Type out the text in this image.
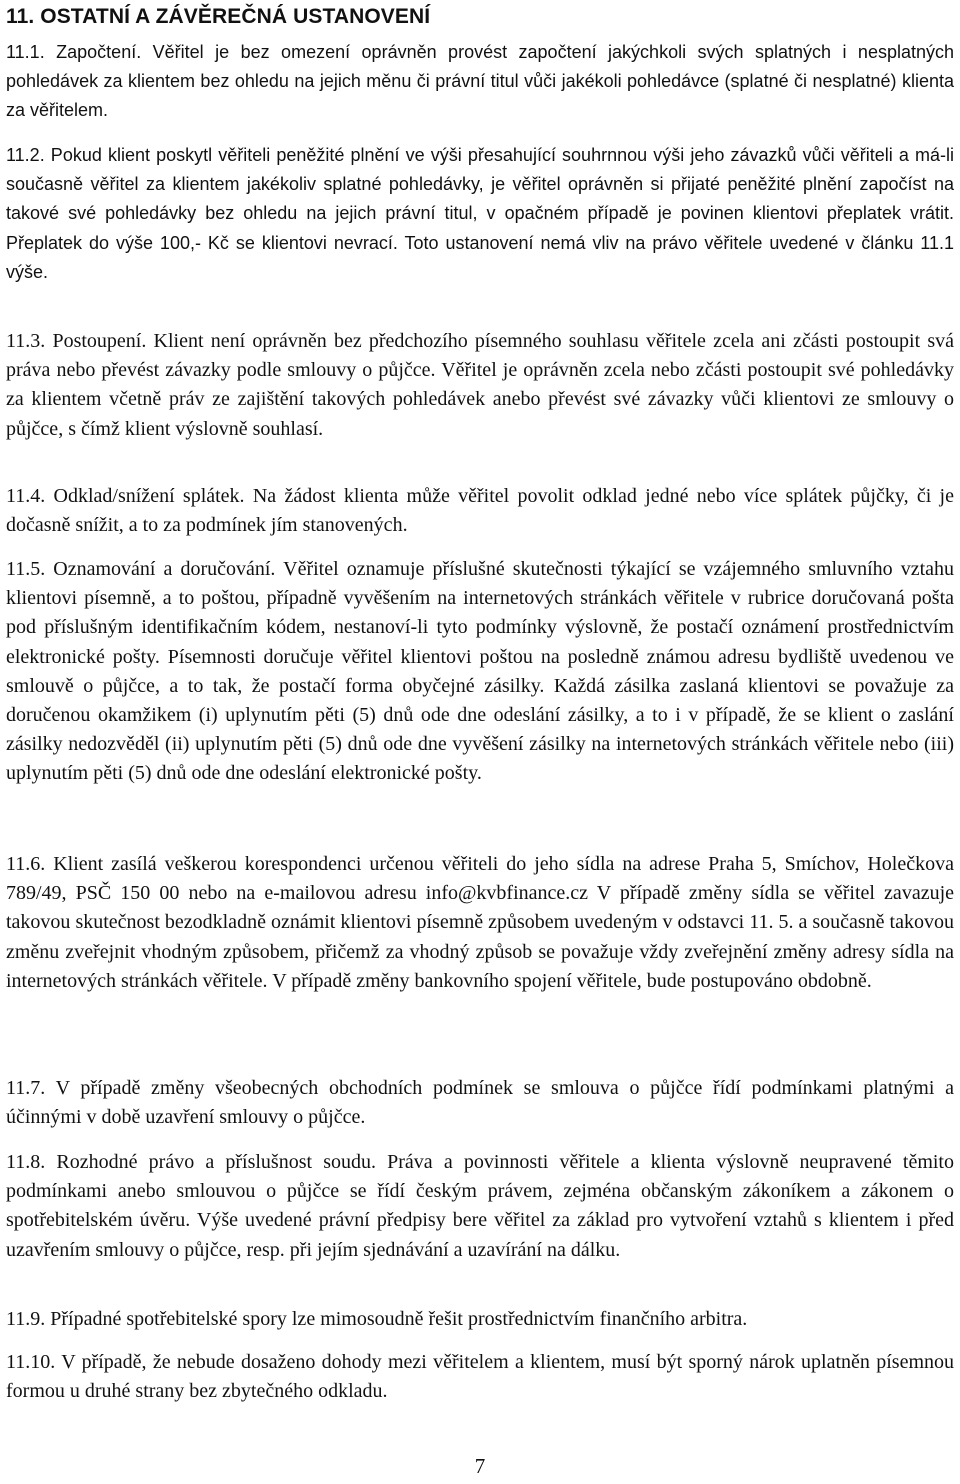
11. OSTATNÍ A ZÁVĚREČNÁ USTANOVENÍ

11.1. Započtení. Věřitel je bez omezení oprávněn provést započtení jakýchkoli svých splatných i nesplatných pohledávek za klientem bez ohledu na jejich měnu či právní titul vůči jakékoli pohledávce (splatné či nesplatné) klienta za věřitelem.

11.2. Pokud klient poskytl věřiteli peněžité plnění ve výši přesahující souhrnnou výši jeho závazků vůči věřiteli a má-li současně věřitel za klientem jakékoliv splatné pohledávky, je věřitel oprávněn si přijaté peněžité plnění započíst na takové své pohledávky bez ohledu na jejich právní titul, v opačném případě je povinen klientovi přeplatek vrátit. Přeplatek do výše 100,- Kč se klientovi nevrací. Toto ustanovení nemá vliv na právo věřitele uvedené v článku 11.1 výše.

11.3. Postoupení. Klient není oprávněn bez předchozího písemného souhlasu věřitele zcela ani zčásti postoupit svá práva nebo převést závazky podle smlouvy o půjčce. Věřitel je oprávněn zcela nebo zčásti postoupit své pohledávky za klientem včetně práv ze zajištění takových pohledávek anebo převést své závazky vůči klientovi ze smlouvy o půjčce, s čímž klient výslovně souhlasí.

11.4. Odklad/snížení splátek. Na žádost klienta může věřitel povolit odklad jedné nebo více splátek půjčky, či je dočasně snížit, a to za podmínek jím stanovených.

11.5. Oznamování a doručování. Věřitel oznamuje příslušné skutečnosti týkající se vzájemného smluvního vztahu klientovi písemně, a to poštou, případně vyvěšením na internetových stránkách věřitele v rubrice doručovaná pošta pod příslušným identifikačním kódem, nestanoví-li tyto podmínky výslovně, že postačí oznámení prostřednictvím elektronické pošty. Písemnosti doručuje věřitel klientovi poštou na posledně známou adresu bydliště uvedenou ve smlouvě o půjčce, a to tak, že postačí forma obyčejné zásilky. Každá zásilka zaslaná klientovi se považuje za doručenou okamžikem (i) uplynutím pěti (5) dnů ode dne odeslání zásilky, a to i v případě, že se klient o zaslání zásilky nedozvěděl (ii) uplynutím pěti (5) dnů ode dne vyvěšení zásilky na internetových stránkách věřitele nebo (iii) uplynutím pěti (5) dnů ode dne odeslání elektronické pošty.

11.6. Klient zasílá veškerou korespondenci určenou věřiteli do jeho sídla na adrese Praha 5, Smíchov, Holečkova 789/49, PSČ 150 00 nebo na e-mailovou adresu info@kvbfinance.cz V případě změny sídla se věřitel zavazuje takovou skutečnost bezodkladně oznámit klientovi písemně způsobem uvedeným v odstavci 11. 5. a současně takovou změnu zveřejnit vhodným způsobem, přičemž za vhodný způsob se považuje vždy zveřejnění změny adresy sídla na internetových stránkách věřitele. V případě změny bankovního spojení věřitele, bude postupováno obdobně.

11.7. V případě změny všeobecných obchodních podmínek se smlouva o půjčce řídí podmínkami platnými a účinnými v době uzavření smlouvy o půjčce.

11.8. Rozhodné právo a příslušnost soudu. Práva a povinnosti věřitele a klienta výslovně neupravené těmito podmínkami anebo smlouvou o půjčce se řídí českým právem, zejména občanským zákoníkem a zákonem o spotřebitelském úvěru. Výše uvedené právní předpisy bere věřitel za základ pro vytvoření vztahů s klientem i před uzavřením smlouvy o půjčce, resp. při jejím sjednávání a uzavírání na dálku.

11.9. Případné spotřebitelské spory lze mimosoudně řešit prostřednictvím finančního arbitra.

11.10. V případě, že nebude dosaženo dohody mezi věřitelem a klientem, musí být sporný nárok uplatněn písemnou formou u druhé strany bez zbytečného odkladu.

7
